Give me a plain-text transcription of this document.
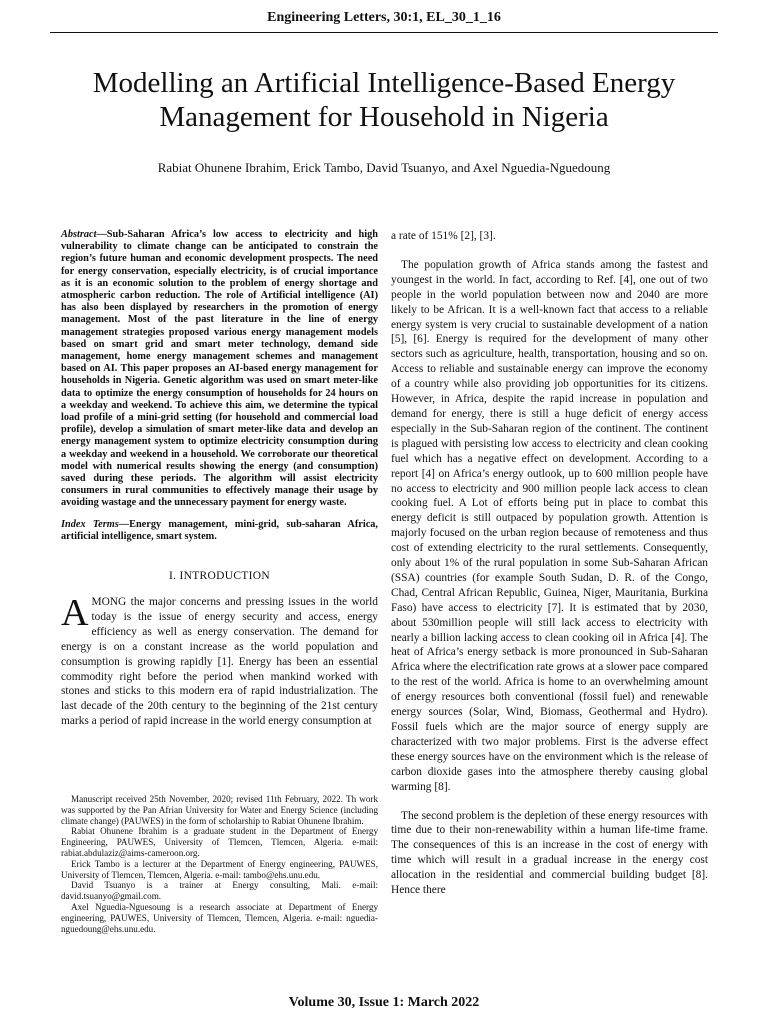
Engineering Letters, 30:1, EL_30_1_16
Modelling an Artificial Intelligence-Based Energy Management for Household in Nigeria
Rabiat Ohunene Ibrahim, Erick Tambo, David Tsuanyo, and Axel Nguedia-Nguedoung
Abstract—Sub-Saharan Africa’s low access to electricity and high vulnerability to climate change can be anticipated to constrain the region’s future human and economic development prospects. The need for energy conservation, especially electricity, is of crucial importance as it is an economic solution to the problem of energy shortage and atmospheric carbon reduction. The role of Artificial intelligence (AI) has also been displayed by researchers in the promotion of energy management. Most of the past literature in the line of energy management strategies proposed various energy management models based on smart grid and smart meter technology, demand side management, home energy management schemes and management based on AI. This paper proposes an AI-based energy management for households in Nigeria. Genetic algorithm was used on smart meter-like data to optimize the energy consumption of households for 24 hours on a weekday and weekend. To achieve this aim, we determine the typical load profile of a mini-grid setting (for household and commercial load profile), develop a simulation of smart meter-like data and develop an energy management system to optimize electricity consumption during a weekday and weekend in a household. We corroborate our theoretical model with numerical results showing the energy (and consumption) saved during these periods. The algorithm will assist electricity consumers in rural communities to effectively manage their usage by avoiding wastage and the unnecessary payment for energy waste.
Index Terms—Energy management, mini-grid, sub-saharan Africa, artificial intelligence, smart system.
I. INTRODUCTION

AMONG the major concerns and pressing issues in the world today is the issue of energy security and access, energy efficiency as well as energy conservation. The demand for energy is on a constant increase as the world population and consumption is growing rapidly [1]. Energy has been an essential commodity right before the period when mankind worked with stones and sticks to this modern era of rapid industrialization. The last decade of the 20th century to the beginning of the 21st century marks a period of rapid increase in the world energy consumption at

Manuscript received 25th November, 2020; revised 11th February, 2022. Th work was supported by the Pan Afrian University for Water and Energy Science (including climate change) (PAUWES) in the form of scholarship to Rabiat Ohunene Ibrahim.

Rabiat Ohunene Ibrahim is a graduate student in the Department of Energy Engineering, PAUWES, University of Tlemcen, Tlemcen, Algeria. e-mail: rabiat.abdulaziz@aims-cameroon.org.

Erick Tambo is a lecturer at the Department of Energy engineering, PAUWES, University of Tlemcen, Tlemcen, Algeria. e-mail: tambo@ehs.unu.edu.

David Tsuanyo is a trainer at Energy consulting, Mali. e-mail: david.tsuanyo@gmail.com.

Axel Nguedia-Nguesoung is a research associate at Department of Energy engineering, PAUWES, University of Tlemcen, Tlemcen, Algeria. e-mail: nguedia-nguedoung@ehs.unu.edu.

a rate of 151% [2], [3].

The population growth of Africa stands among the fastest and youngest in the world. In fact, according to Ref. [4], one out of two people in the world population between now and 2040 are more likely to be African. It is a well-known fact that access to a reliable energy system is very crucial to sustainable development of a nation [5], [6]. Energy is required for the development of many other sectors such as agriculture, health, transportation, housing and so on. Access to reliable and sustainable energy can improve the economy of a country while also providing job opportunities for its citizens. However, in Africa, despite the rapid increase in population and demand for energy, there is still a huge deficit of energy access especially in the Sub-Saharan region of the continent. The continent is plagued with persisting low access to electricity and clean cooking fuel which has a negative effect on development. According to a report [4] on Africa’s energy outlook, up to 600 million people have no access to electricity and 900 million people lack access to clean cooking fuel. A Lot of efforts being put in place to combat this energy deficit is still outpaced by population growth. Attention is majorly focused on the urban region because of remoteness and thus cost of extending electricity to the rural settlements. Consequently, only about 1% of the rural population in some Sub-Saharan African (SSA) countries (for example South Sudan, D. R. of the Congo, Chad, Central African Republic, Guinea, Niger, Mauritania, Burkina Faso) have access to electricity [7]. It is estimated that by 2030, about 530million people will still lack access to electricity with nearly a billion lacking access to clean cooking oil in Africa [4]. The heat of Africa’s energy setback is more pronounced in Sub-Saharan Africa where the electrification rate grows at a slower pace compared to the rest of the world. Africa is home to an overwhelming amount of energy resources both conventional (fossil fuel) and renewable energy sources (Solar, Wind, Biomass, Geothermal and Hydro). Fossil fuels which are the major source of energy supply are characterized with two major problems. First is the adverse effect these energy sources have on the environment which is the release of carbon dioxide gases into the atmosphere thereby causing global warming [8].

The second problem is the depletion of these energy resources with time due to their non-renewability within a human life-time frame. The consequences of this is an increase in the cost of energy with time which will result in a gradual increase in the energy cost allocation in the residential and commercial building budget [8]. Hence there

Volume 30, Issue 1: March 2022
